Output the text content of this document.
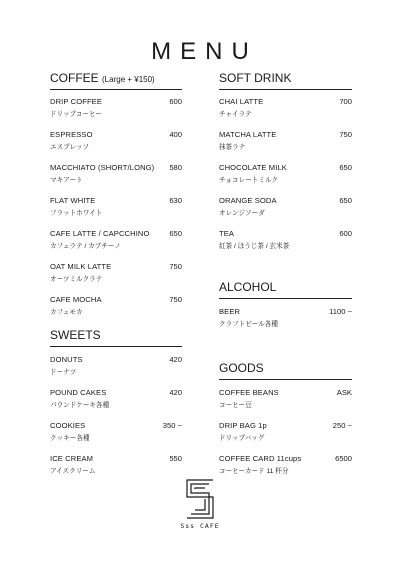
MENU
COFFEE (Large + ¥150)
DRIP COFFEE	600
ドリップコーヒー
ESPRESSO	400
エスプレッソ
MACCHIATO (SHORT/LONG) 580
マキアート
FLAT WHITE	630
フラットホワイト
CAFE LATTE / CAPCCHINO	650
カフェラテ / カプチーノ
OAT MILK LATTE	750
オーツミルクラテ
CAFE MOCHA	750
カフェモカ
SWEETS
DONUTS	420
ドーナツ
POUND CAKES	420
パウンドケーキ各種
COOKIES	350 ~
クッキー各種
ICE CREAM	550
アイスクリーム
SOFT DRINK
CHAI LATTE	700
チャイラテ
MATCHA LATTE	750
抹茶ラテ
CHOCOLATE MILK	650
チョコレートミルク
ORANGE SODA	650
オレンジソーダ
TEA	600
紅茶 / ほうじ茶 / 玄米茶
ALCOHOL
BEER	1100 ~
クラフトビール各種
GOODS
COFFEE BEANS	ASK
コーヒー豆
DRIP BAG 1p	250 ~
ドリップバッグ
COFFEE CARD 11cups	6500
コーヒーカード 11 杯分
Sss CAFE
